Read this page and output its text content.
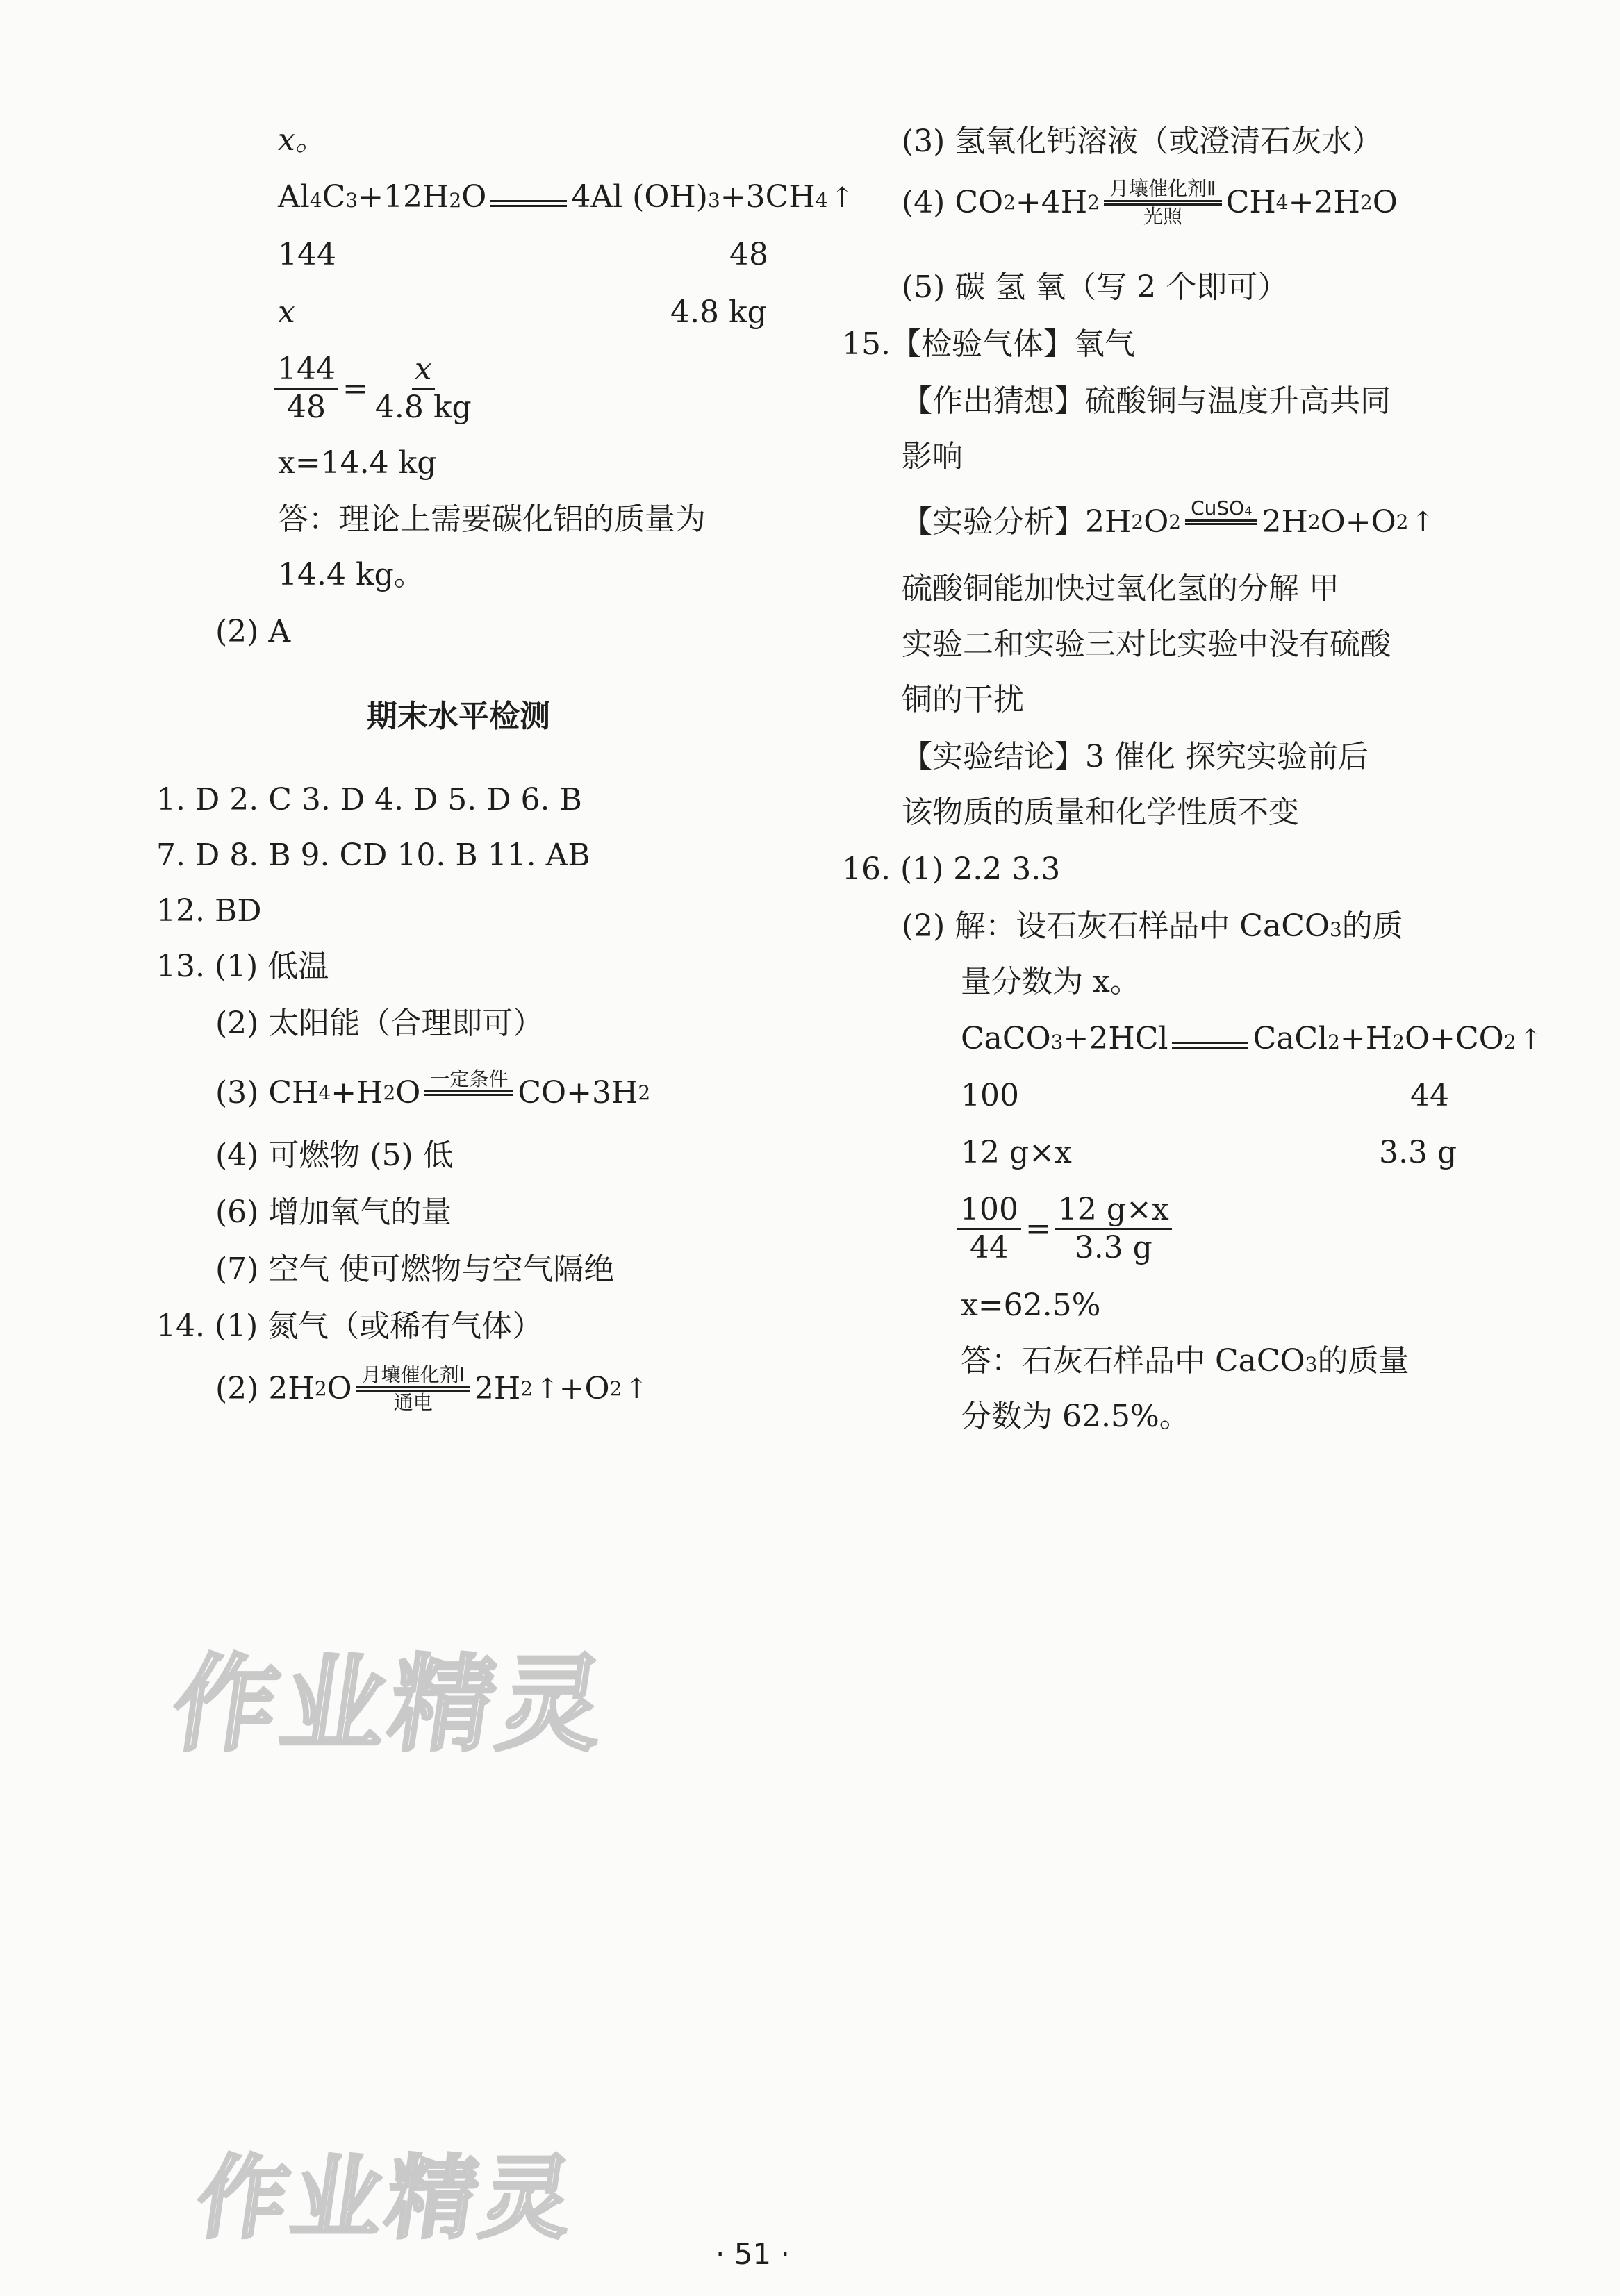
x。
Al 4 C 3 +12H 2 O	4Al (OH) 3 +3CH 4 ↑
144	48
x	4.8 kg
$\frac{144}{48} = \frac{x}{4.8 kg}$
x=14.4 kg
答：理论上需要碳化铝的质量为
14.4 kg。
(2) A
期末水平检测
1. D 2. C 3. D 4. D 5. D 6. B
7. D 8. B 9. CD 10. B 11. AB
12. BD
13. (1) 低温
(2) 太阳能（合理即可）
(3) CH 4 +H 2 O 一定条件 CO+3H 2
(4) 可燃物 (5) 低
(6) 增加氧气的量
(7) 空气 使可燃物与空气隔绝
14. (1) 氮气（或稀有气体）
(2) 2H 2 O 月壤催化剂Ⅰ
通电 2H 2 ↑ +O 2 ↑
(3) 氢氧化钙溶液（或澄清石灰水）
(4) CO 2 +4H 2
月壤催化剂Ⅱ
光照 CH 4 +2H 2 O
(5) 碳 氢 氧（写 2 个即可）
15.【检验气体】氧气
【作出猜想】硫酸铜与温度升高共同
影响
【实验分析】2H 2 O 2
CuSO₄ 2H 2 O+O 2 ↑
硫酸铜能加快过氧化氢的分解 甲
实验二和实验三对比实验中没有硫酸
铜的干扰
【实验结论】3 催化 探究实验前后
该物质的质量和化学性质不变
16. (1) 2.2 3.3
(2) 解：设石灰石样品中 CaCO 3 的质
量分数为 x。
CaCO 3 +2HCl	CaCl 2 +H 2 O+CO 2 ↑
100	44
12 g×x	3.3 g
$\frac{100}{44} = \frac{12 g\times x}{3.3 g}$
x=62.5%
答：石灰石样品中 CaCO 3 的质量
分数为 62.5%。
作业精灵
作业精灵
· 51 ·
